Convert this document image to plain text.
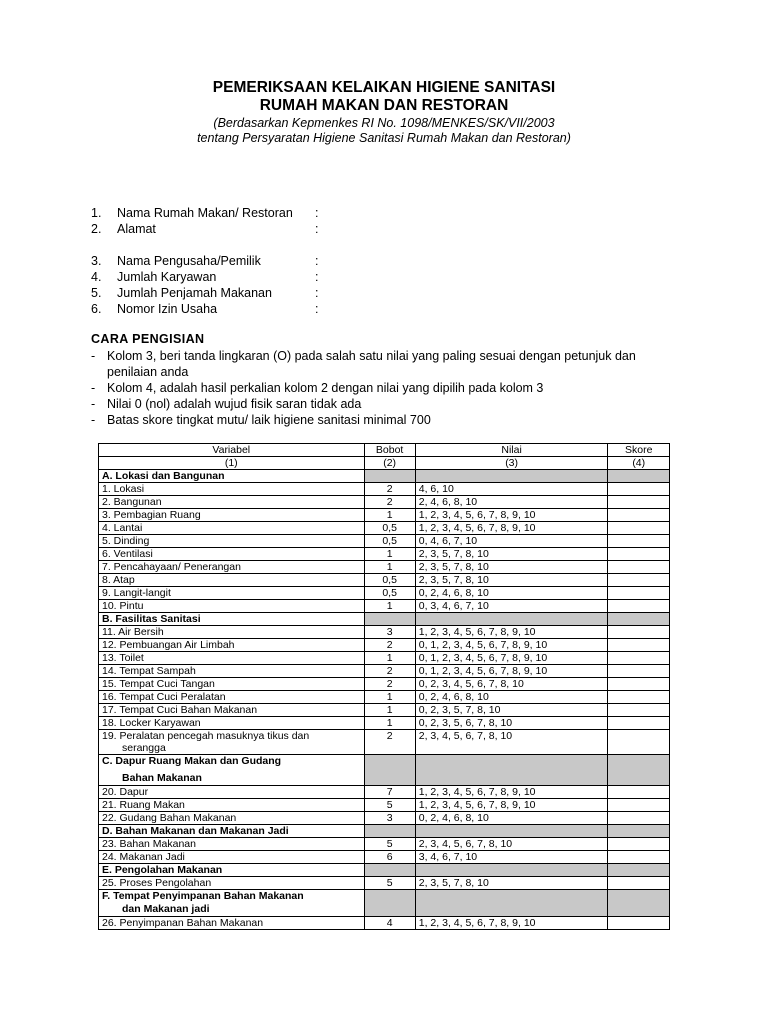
PEMERIKSAAN KELAIKAN HIGIENE SANITASI
RUMAH MAKAN DAN RESTORAN
(Berdasarkan Kepmenkes RI No. 1098/MENKES/SK/VII/2003
tentang Persyaratan Higiene Sanitasi Rumah Makan dan Restoran)
1. Nama Rumah Makan/ Restoran :
2. Alamat	:
3. Nama Pengusaha/Pemilik	:
4. Jumlah Karyawan	:
5. Jumlah Penjamah Makanan	:
6. Nomor Izin Usaha	:
CARA PENGISIAN
- Kolom 3, beri tanda lingkaran (O) pada salah satu nilai yang paling sesuai dengan petunjuk dan penilaian anda
- Kolom 4, adalah hasil perkalian kolom 2 dengan nilai yang dipilih pada kolom 3
- Nilai 0 (nol) adalah wujud fisik saran tidak ada
- Batas skore tingkat mutu/ laik higiene sanitasi minimal 700
Variabel	Bobot	Nilai	Skore
(1)	(2)	(3)	(4)
A. Lokasi dan Bangunan			
1. Lokasi	2	4, 6, 10	
2. Bangunan	2	2, 4, 6, 8, 10	
3. Pembagian Ruang	1	1, 2, 3, 4, 5, 6, 7, 8, 9, 10	
4. Lantai	0,5	1, 2, 3, 4, 5, 6, 7, 8, 9, 10	
5. Dinding	0,5	0, 4, 6, 7, 10	
6. Ventilasi	1	2, 3, 5, 7, 8, 10	
7. Pencahayaan/ Penerangan	1	2, 3, 5, 7, 8, 10	
8. Atap	0,5	2, 3, 5, 7, 8, 10	
9. Langit-langit	0,5	0, 2, 4, 6, 8, 10	
10. Pintu	1	0, 3, 4, 6, 7, 10	
B. Fasilitas Sanitasi			
11. Air Bersih	3	1, 2, 3, 4, 5, 6, 7, 8, 9, 10	
12. Pembuangan Air Limbah	2	0, 1, 2, 3, 4, 5, 6, 7, 8, 9, 10	
13. Toilet	1	0, 1, 2, 3, 4, 5, 6, 7, 8, 9, 10	
14. Tempat Sampah	2	0, 1, 2, 3, 4, 5, 6, 7, 8, 9, 10	
15. Tempat Cuci Tangan	2	0, 2, 3, 4, 5, 6, 7, 8, 10	
16. Tempat Cuci Peralatan	1	0, 2, 4, 6, 8, 10	
17. Tempat Cuci Bahan Makanan	1	0, 2, 3, 5, 7, 8, 10	
18. Locker Karyawan	1	0, 2, 3, 5, 6, 7, 8, 10	

19. Peralatan pencegah masuknya tikus dan
serangga	2	2, 3, 4, 5, 6, 7, 8, 10	

C. Dapur Ruang Makan dan Gudang
Bahan Makanan			

20. Dapur	7	1, 2, 3, 4, 5, 6, 7, 8, 9, 10	
21. Ruang Makan	5	1, 2, 3, 4, 5, 6, 7, 8, 9, 10	
22. Gudang Bahan Makanan	3	0, 2, 4, 6, 8, 10	
D. Bahan Makanan dan Makanan Jadi			
23. Bahan Makanan	5	2, 3, 4, 5, 6, 7, 8, 10	
24. Makanan Jadi	6	3, 4, 6, 7, 10	
E. Pengolahan Makanan			
25. Proses Pengolahan	5	2, 3, 5, 7, 8, 10	

F. Tempat Penyimpanan Bahan Makanan
dan Makanan jadi			

26. Penyimpanan Bahan Makanan	4	1, 2, 3, 4, 5, 6, 7, 8, 9, 10	
